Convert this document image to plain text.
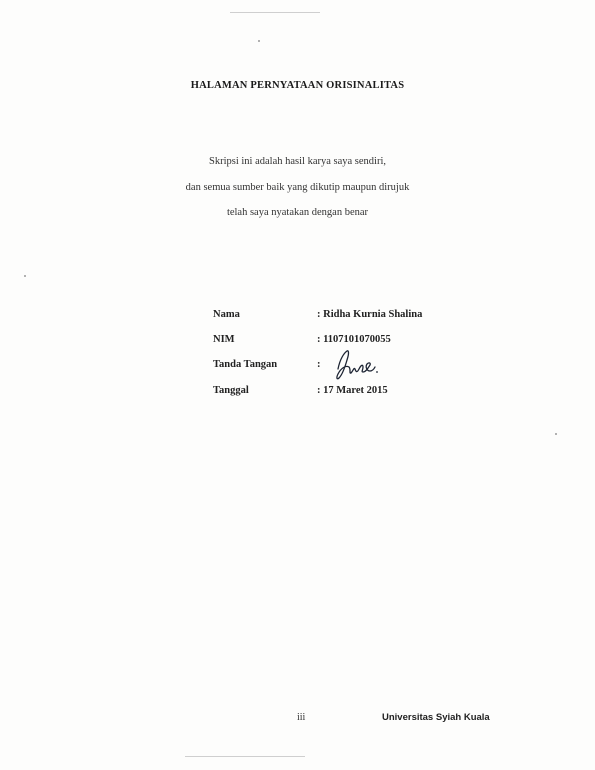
HALAMAN PERNYATAAN ORISINALITAS
Skripsi ini adalah hasil karya saya sendiri,
dan semua sumber baik yang dikutip maupun dirujuk
telah saya nyatakan dengan benar
Nama	: Ridha Kurnia Shalina
NIM	: 1107101070055
Tanda Tangan	:
Tanggal	: 17 Maret 2015
iii	Universitas Syiah Kuala
